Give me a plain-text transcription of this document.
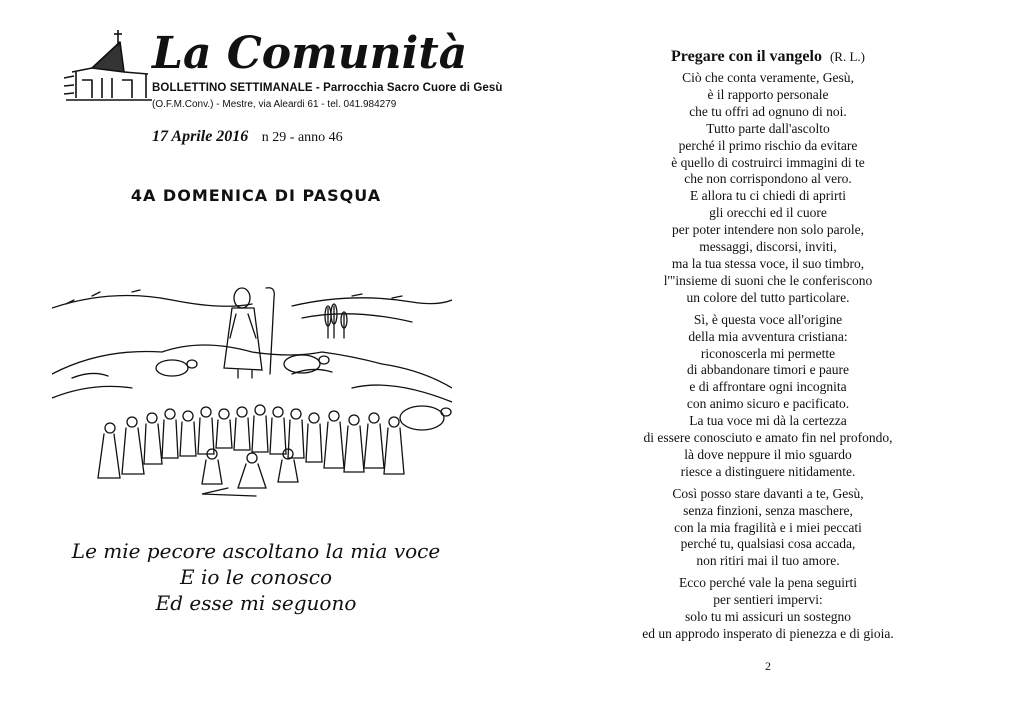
La Comunità
BOLLETTINO SETTIMANALE - Parrocchia Sacro Cuore di Gesù
(O.F.M.Conv.) - Mestre, via Aleardi 61 - tel. 041.984279
17 Aprile 2016 n 29 - anno 46
4A DOMENICA DI PASQUA
Le mie pecore ascoltano la mia voce
E io le conosco
Ed esse mi seguono
Pregare con il vangelo (R. L.)
Ciò che conta veramente, Gesù,
è il rapporto personale
che tu offri ad ognuno di noi.
Tutto parte dall'ascolto
perché il primo rischio da evitare
è quello di costruirci immagini di te
che non corrispondono al vero.
E allora tu ci chiedi di aprirti
gli orecchi ed il cuore
per poter intendere non solo parole,
messaggi, discorsi, inviti,
ma la tua stessa voce, il suo timbro,
l'"insieme di suoni che le conferiscono
un colore del tutto particolare.
Sì, è questa voce all'origine
della mia avventura cristiana:
riconoscerla mi permette
di abbandonare timori e paure
e di affrontare ogni incognita
con animo sicuro e pacificato.
La tua voce mi dà la certezza
di essere conosciuto e amato fin nel profondo,
là dove neppure il mio sguardo
riesce a distinguere nitidamente.
Così posso stare davanti a te, Gesù,
senza finzioni, senza maschere,
con la mia fragilità e i miei peccati
perché tu, qualsiasi cosa accada,
non ritiri mai il tuo amore.
Ecco perché vale la pena seguirti
per sentieri impervi:
solo tu mi assicuri un sostegno
ed un approdo insperato di pienezza e di gioia.
2
